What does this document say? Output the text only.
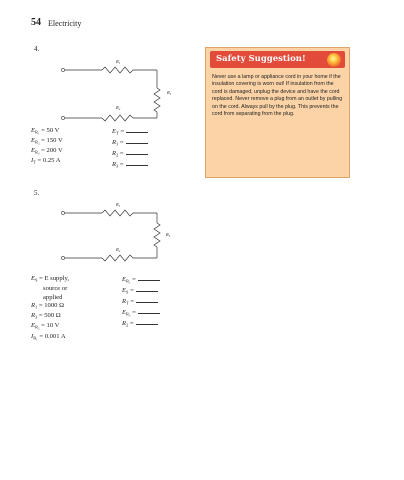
54 Electricity
4.
R₁
R₃
R₂
$E_{R_1} = 50$ V
$E_{R_2} = 150$ V
$E_{R_3} = 200$ V
$I_T = 0.25$ A
$E_T$ =
$R_1$ =
$R_2$ =
$R_3$ =
5.
R₁
R₃
R₂
$E_S = E$ supply,
source or
applied
$R_1 = 1000$ Ω
$R_3 = 500$ Ω
$E_{R_2} = 10$ V
$I_{R_1} = 0.001$ A
$E_{R_1}$ =
$E_S$ =
$R_T$ =
$E_{R_3}$ =
$R_2$ =
Safety Suggestion!
Never use a lamp or appliance cord in your home if the insulation covering is worn out! If insulation from the cord is damaged, unplug the device and have the cord replaced. Never remove a plug from an outlet by pulling on the cord. Always pull by the plug. This prevents the cord from separating from the plug.
